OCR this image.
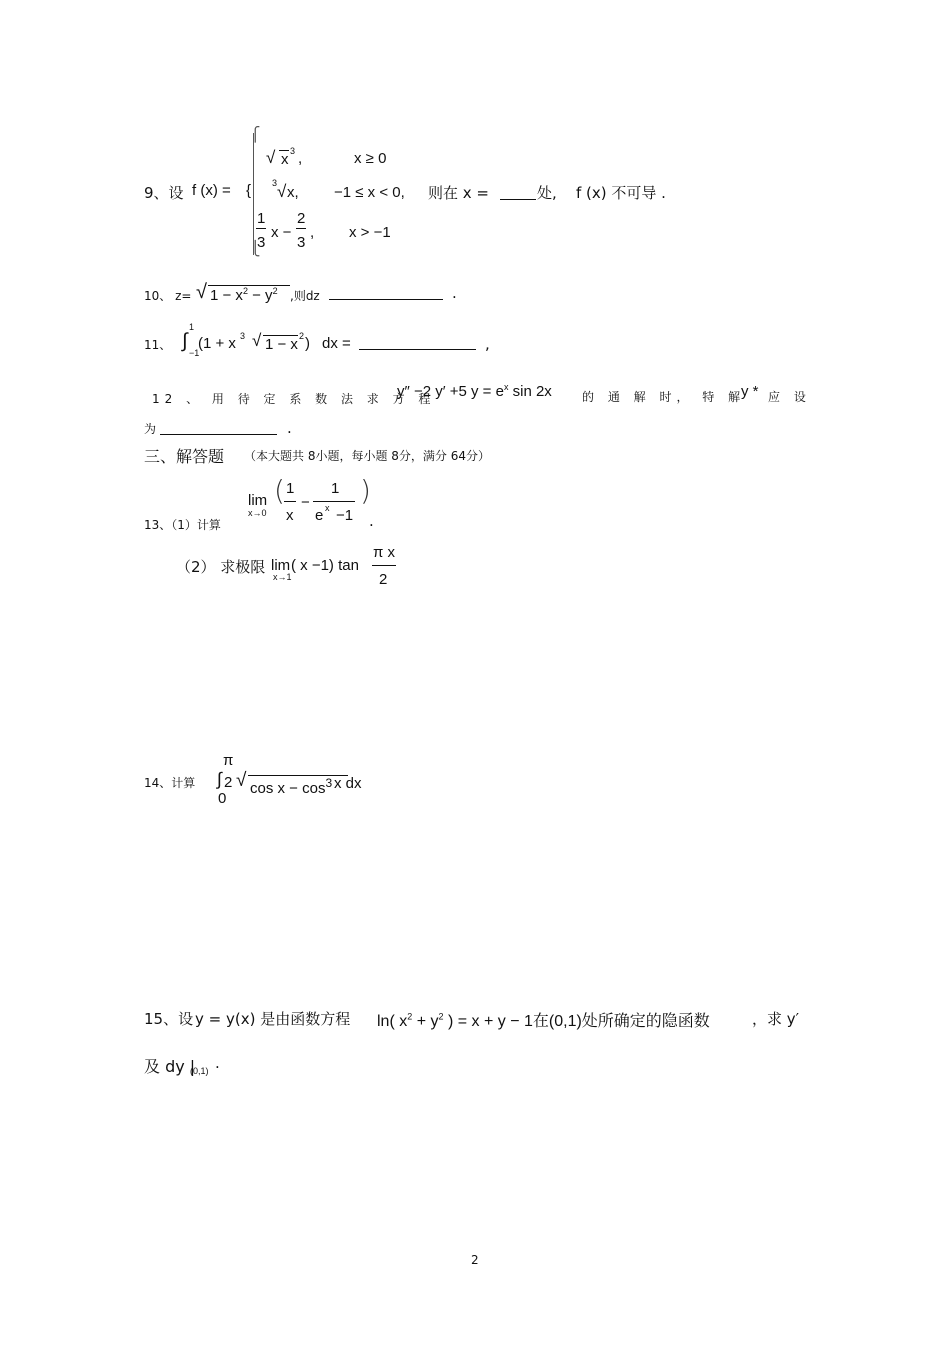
⎧
⎩
9、设 f (x) = {
√ x 3 ,	x ≥ 0
3 √ x, −1 ≤ x < 0,
1
3
x −
2
3
, x > −1
则在 x =	处, f (x) 不可导 .
10、 z= √ $1 - x^2 - y^2$	,则dz	.
11、
1
∫
−1
(1 + x 3 √ 1 − x 2 ) dx =	,
12 、 用 待 定 系 数 法 求 方 程
y″ −2 y′ +5 $y = e^x$ sin 2x	的 通 解 时， 特 解
y * 应 设
为	.
三、解答题 （本大题共 8小题，每小题 8分，满分 64分）
13、（1）计算
lim
x→0
( 1
x
−
1
e x −1
)
.
（2） 求极限 lim
x→1
( x −1) tan
π x
2
14、计算
π
∫ 2
0
√ $\cos x - \cos^3 x$ dx
15、设 y = y(x) 是由函数方程 ln( $x^2 + y^2$ ) = x + y − 1在(0,1)处所确定的隐函数	，求 y′
及 dy |
(0,1) .
2
